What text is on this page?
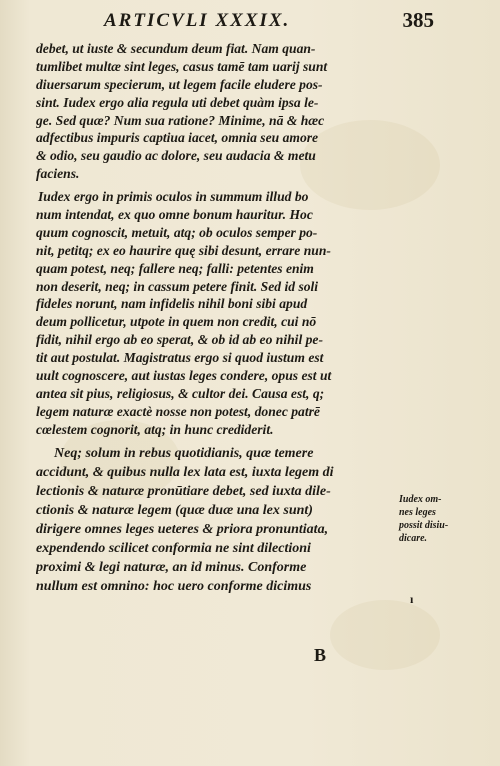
ARTICVLI XXXIX.	385
debet, ut iuste & secundum deum fiat. Nam quan-
tumlibet multæ sint leges, casus tamē tam uarij sunt
diuersarum specierum, ut legem facile eludere pos-
sint. Iudex ergo alia regula uti debet quàm ipsa le-
ge. Sed quæ? Num sua ratione? Minime, nā & hæc
adfectibus impuris captiua iacet, omnia seu amore
& odio, seu gaudio ac dolore, seu audacia & metu
faciens.
Iudex ergo in primis oculos in summum illud bo
num intendat, ex quo omne bonum hauritur. Hoc
quum cognoscit, metuit, atq; ob oculos semper po-
nit, petitq; ex eo haurire quę sibi desunt, errare nun-
quam potest, neq; fallere neq; falli: petentes enim
non deserit, neq; in cassum petere finit. Sed id soli
fideles norunt, nam infidelis nihil boni sibi apud
deum pollicetur, utpote in quem non credit, cui nō
fidit, nihil ergo ab eo sperat, & ob id ab eo nihil pe-
tit aut postulat. Magistratus ergo si quod iustum est
uult cognoscere, aut iustas leges condere, opus est ut
antea sit pius, religiosus, & cultor dei. Causa est, q;
legem naturæ exactè nosse non potest, donec patrē
cœlestem cognorit, atq; in hunc crediderit.
Neq; solum in rebus quotidianis, quæ temere
accidunt, & quibus nulla lex lata est, iuxta legem di
lectionis & naturæ pronūtiare debet, sed iuxta dile-
ctionis & naturæ legem (quæ duæ una lex sunt)
dirigere omnes leges ueteres & priora pronuntiata,
expendendo scilicet conformia ne sint dilectioni
proximi & legi naturæ, an id minus. Conforme
nullum est omnino: hoc uero conforme dicimus
Iudex om-
nes leges
possit disiu-
dicare.
ı
B
